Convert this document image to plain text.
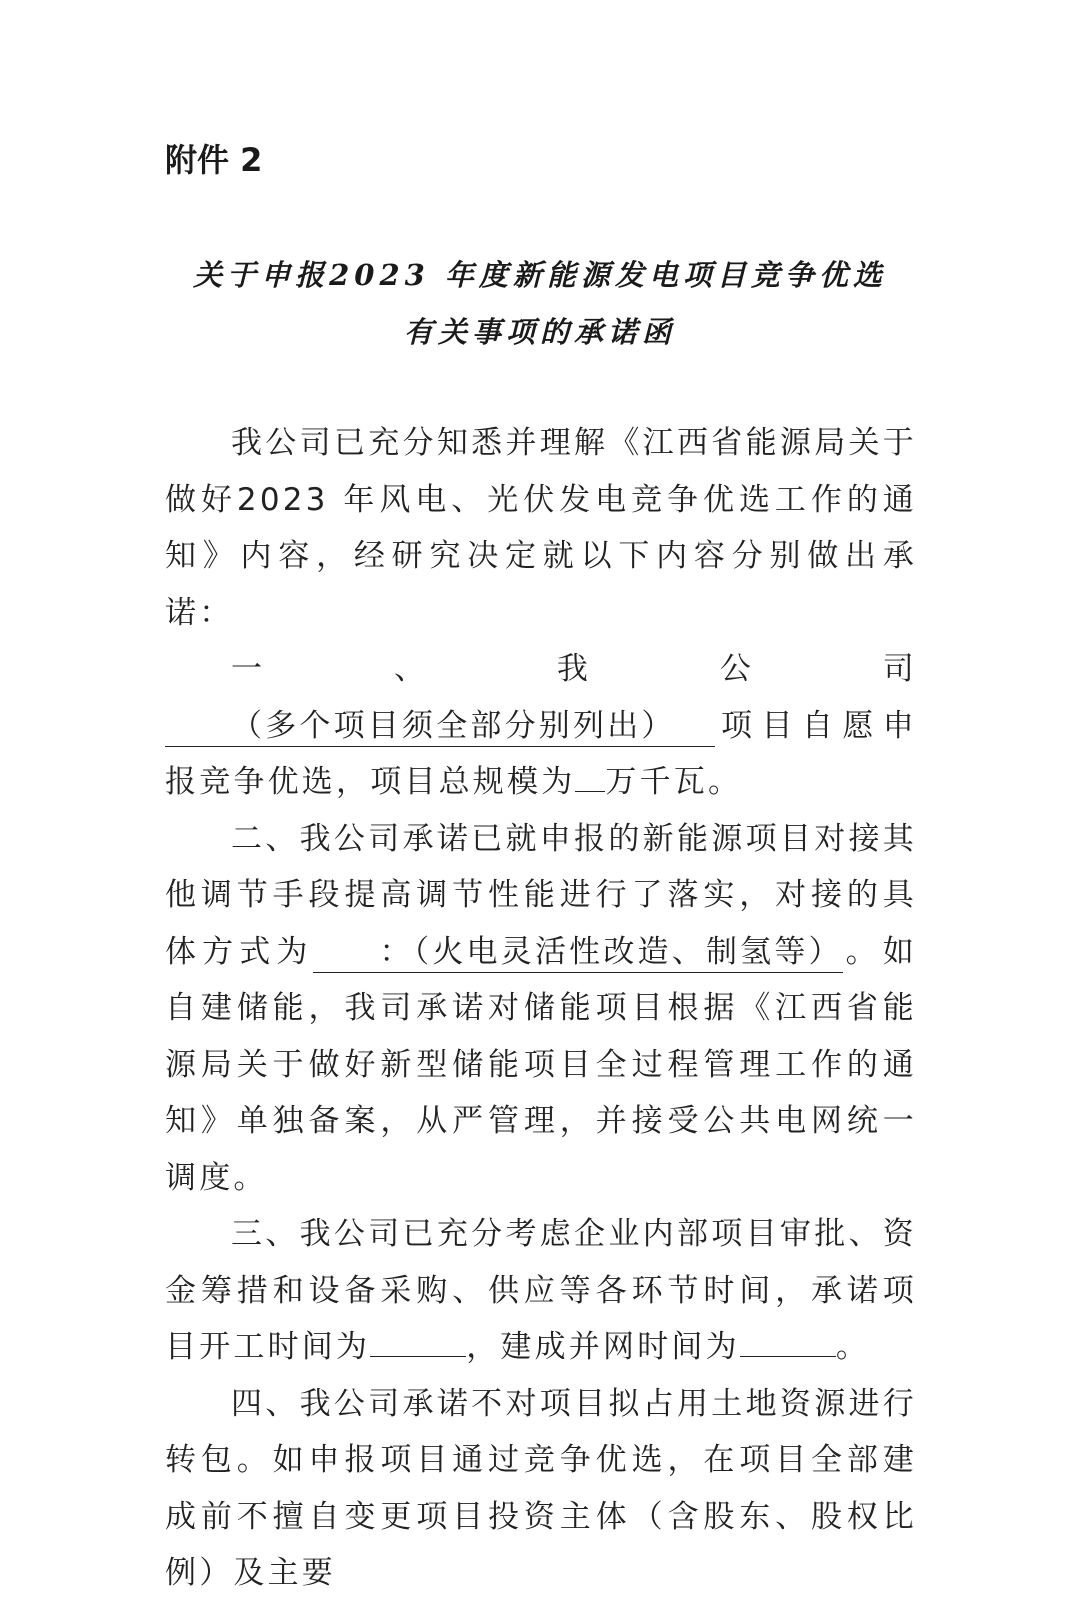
附件 2
关于申报2023 年度新能源发电项目竞争优选
有关事项的承诺函

我公司已充分知悉并理解《江西省能源局关于做好2023 年风电、光伏发电竞争优选工作的通知》内容，经研究决定就以下内容分别做出承诺：

一、我公司（多个项目须全部分别列出） 项目自愿申报竞争优选，项目总规模为 万千瓦。

二、我公司承诺已就申报的新能源项目对接其他调节手段提高调节性能进行了落实，对接的具体方式为 ：（火电灵活性改造、制氢等）。如自建储能，我司承诺对储能项目根据《江西省能源局关于做好新型储能项目全过程管理工作的通知》单独备案，从严管理，并接受公共电网统一调度。

三、我公司已充分考虑企业内部项目审批、资金筹措和设备采购、供应等各环节时间，承诺项目开工时间为	，建成并网时间为	。

四、我公司承诺不对项目拟占用土地资源进行转包。如申报项目通过竞争优选，在项目全部建成前不擅自变更项目投资主体（含股东、股权比例）及主要
